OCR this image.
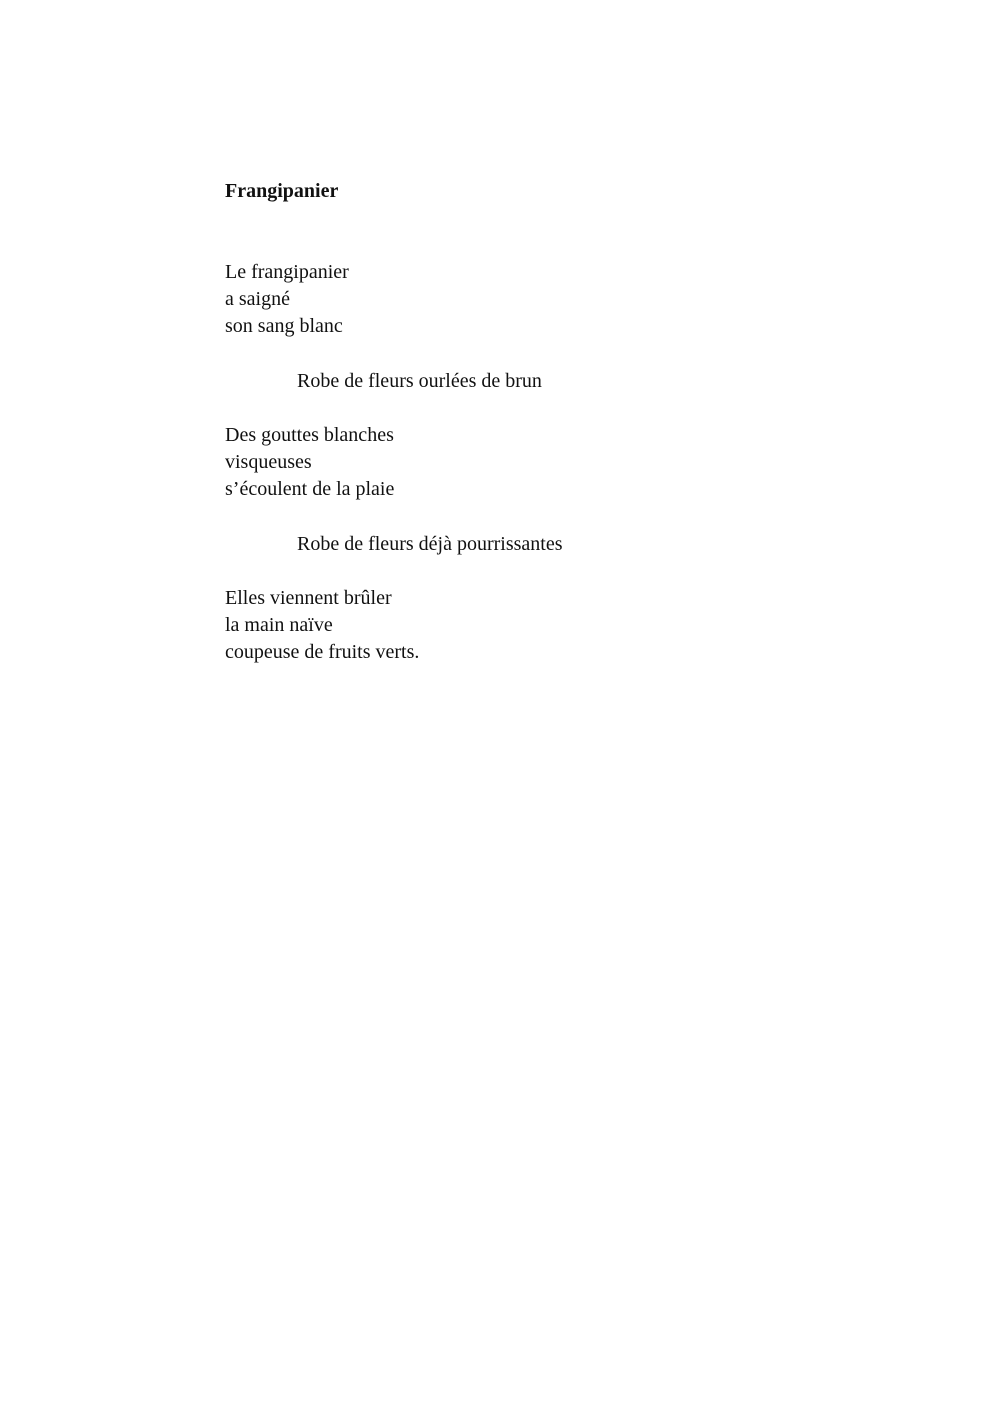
Frangipanier

Le frangipanier

a saigné

son sang blanc

Robe de fleurs ourlées de brun

Des gouttes blanches

visqueuses

s’écoulent de la plaie

Robe de fleurs déjà pourrissantes

Elles viennent brûler

la main naïve

coupeuse de fruits verts.
